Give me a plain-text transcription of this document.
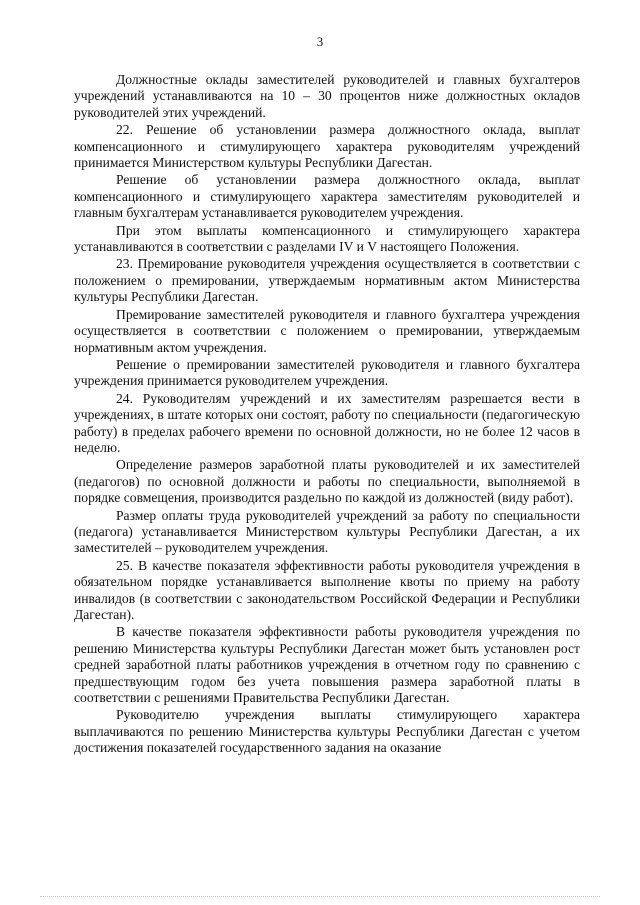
3

Должностные оклады заместителей руководителей и главных бухгалтеров учреждений устанавливаются на 10 – 30 процентов ниже должностных окладов руководителей этих учреждений.

22. Решение об установлении размера должностного оклада, выплат компенсационного и стимулирующего характера руководителям учреждений принимается Министерством культуры Республики Дагестан.

Решение об установлении размера должностного оклада, выплат компенсационного и стимулирующего характера заместителям руководителей и главным бухгалтерам устанавливается руководителем учреждения.

При этом выплаты компенсационного и стимулирующего характера устанавливаются в соответствии с разделами IV и V настоящего Положения.

23. Премирование руководителя учреждения осуществляется в соответствии с положением о премировании, утверждаемым нормативным актом Министерства культуры Республики Дагестан.

Премирование заместителей руководителя и главного бухгалтера учреждения осуществляется в соответствии с положением о премировании, утверждаемым нормативным актом учреждения.

Решение о премировании заместителей руководителя и главного бухгалтера учреждения принимается руководителем учреждения.

24. Руководителям учреждений и их заместителям разрешается вести в учреждениях, в штате которых они состоят, работу по специальности (педагогическую работу) в пределах рабочего времени по основной должности, но не более 12 часов в неделю.

Определение размеров заработной платы руководителей и их заместителей (педагогов) по основной должности и работы по специальности, выполняемой в порядке совмещения, производится раздельно по каждой из должностей (виду работ).

Размер оплаты труда руководителей учреждений за работу по специальности (педагога) устанавливается Министерством культуры Республики Дагестан, а их заместителей – руководителем учреждения.

25. В качестве показателя эффективности работы руководителя учреждения в обязательном порядке устанавливается выполнение квоты по приему на работу инвалидов (в соответствии с законодательством Российской Федерации и Республики Дагестан).

В качестве показателя эффективности работы руководителя учреждения по решению Министерства культуры Республики Дагестан может быть установлен рост средней заработной платы работников учреждения в отчетном году по сравнению с предшествующим годом без учета повышения размера заработной платы в соответствии с решениями Правительства Республики Дагестан.

Руководителю учреждения выплаты стимулирующего характера выплачиваются по решению Министерства культуры Республики Дагестан с учетом достижения показателей государственного задания на оказание
